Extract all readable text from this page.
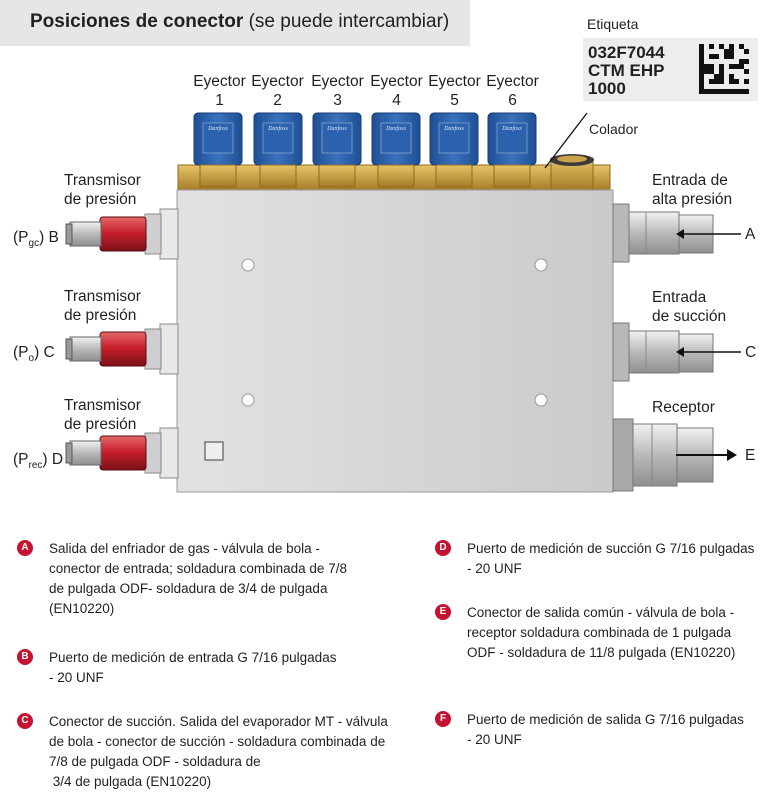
Posiciones de conector (se puede intercambiar)	Etiqueta
032F7044
CTM EHP
1000
Danfoss	Danfoss	Danfoss	Danfoss	Danfoss	Danfoss
Eyector
1
Eyector
2
Eyector
3
Eyector
4
Eyector
5
Eyector
6
Colador
Transmisor
de presión
$(P_{gc})$ B
Transmisor
de presión
$(P_o)$ C
Transmisor
de presión
$(P_{rec})$ D
Entrada de
alta presión
A
Entrada
de succión
C
Receptor
E
A	Salida del enfriador de gas - válvula de bola -
conector de entrada; soldadura combinada de 7/8
de pulgada ODF- soldadura de 3/4 de pulgada
(EN10220)
B	Puerto de medición de entrada G 7/16 pulgadas
- 20 UNF
C	Conector de succión. Salida del evaporador MT - válvula
de bola - conector de succión - soldadura combinada de
7/8 de pulgada ODF - soldadura de
3/4 de pulgada (EN10220)
D	Puerto de medición de succión G 7/16 pulgadas
- 20 UNF
E	Conector de salida común - válvula de bola -
receptor soldadura combinada de 1 pulgada
ODF - soldadura de 11/8 pulgada (EN10220)
F	Puerto de medición de salida G 7/16 pulgadas
- 20 UNF
